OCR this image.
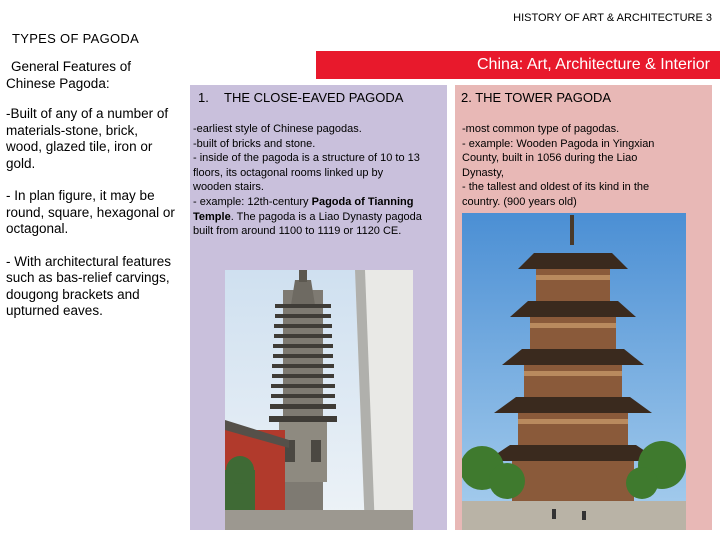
HISTORY OF ART & ARCHITECTURE 3
TYPES OF PAGODA
China: Art, Architecture & Interior

General Features of
Chinese Pagoda:

-Built of any of a number of
materials-stone, brick,
wood, glazed tile, iron or
gold.

- In plan figure, it may be
round, square, hexagonal or
octagonal.

- With architectural features
such as bas-relief carvings,
dougong brackets and
upturned eaves.

1. THE CLOSE-EAVED PAGODA
-earliest style of Chinese pagodas.
-built of bricks and stone.
- inside of the pagoda is a structure of 10 to 13
floors, its octagonal rooms linked up by
wooden stairs.
- example: 12th-century Pagoda of Tianning
Temple. The pagoda is a Liao Dynasty pagoda
built from around 1100 to 1119 or 1120 CE.
2. THE TOWER PAGODA
-most common type of pagodas.
- example: Wooden Pagoda in Yingxian
County, built in 1056 during the Liao
Dynasty,
- the tallest and oldest of its kind in the
country. (900 years old)
